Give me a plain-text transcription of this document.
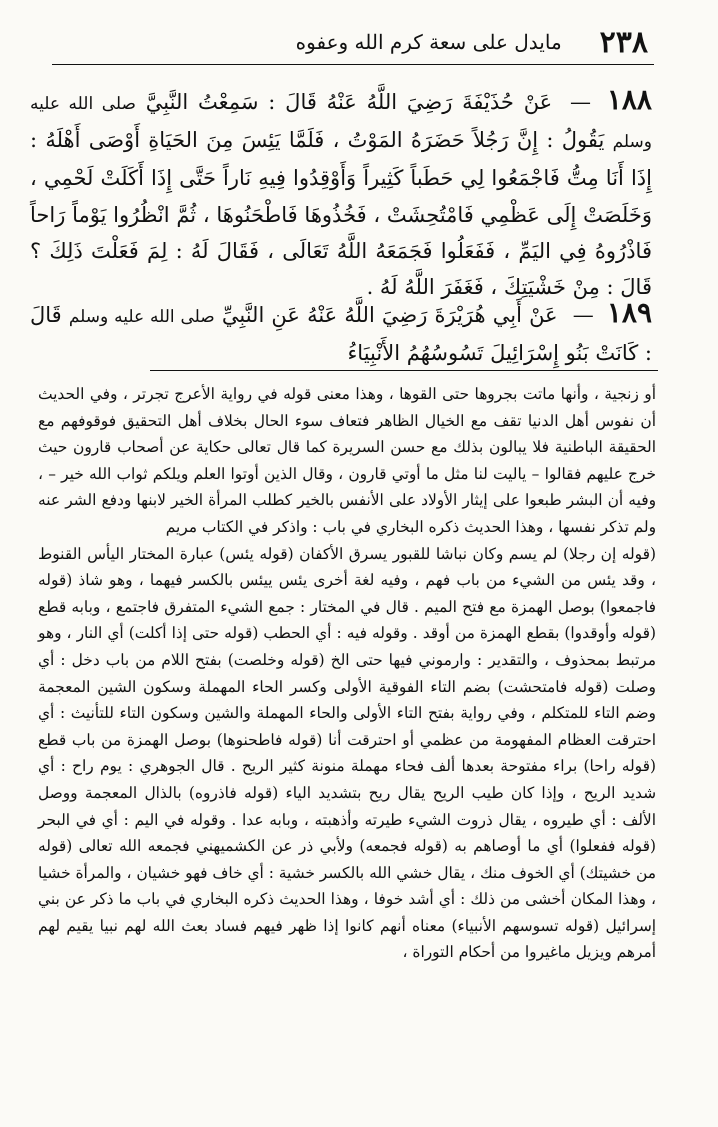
٢٣٨
مايدل على سعة كرم الله وعفوه
١٨٨ — عَنْ حُذَيْفَةَ رَضِيَ اللَّهُ عَنْهُ قَالَ : سَمِعْتُ النَّبِيَّ صلى الله عليه وسلم يَقُولُ : إِنَّ رَجُلاً حَضَرَهُ المَوْتُ ، فَلَمَّا يَئِسَ مِنَ الحَيَاةِ أَوْصَى أَهْلَهُ : إِذَا أَنَا مِتُّ فَاجْمَعُوا لِي حَطَباً كَثِيراً وَأَوْقِدُوا فِيهِ نَاراً حَتَّى إِذَا أَكَلَتْ لَحْمِي ، وَخَلَصَتْ إِلَى عَظْمِي فَامْتُحِشَتْ ، فَخُذُوهَا فَاطْحَنُوهَا ، ثُمَّ انْظُرُوا يَوْماً رَاحاً فَاذْرُوهُ فِي اليَمِّ ، فَفَعَلُوا فَجَمَعَهُ اللَّهُ تَعَالَى ، فَقَالَ لَهُ : لِمَ فَعَلْتَ ذَلِكَ ؟ قَالَ : مِنْ خَشْيَتِكَ ، فَغَفَرَ اللَّهُ لَهُ .
١٨٩ — عَنْ أَبِي هُرَيْرَةَ رَضِيَ اللَّهُ عَنْهُ عَنِ النَّبِيِّ صلى الله عليه وسلم قَالَ : كَانَتْ بَنُو إِسْرَائِيلَ تَسُوسُهُمُ الأَنْبِيَاءُ

أو زنجية ، وأنها ماتت بجروها حتى القوها ، وهذا معنى قوله في رواية الأعرج تجرتر ، وفي الحديث أن نفوس أهل الدنيا تقف مع الخيال الظاهر فتعاف سوء الحال بخلاف أهل التحقيق فوقوفهم مع الحقيقة الباطنية فلا يبالون بذلك مع حسن السريرة كما قال تعالى حكاية عن أصحاب قارون حيث خرج عليهم فقالوا – ياليت لنا مثل ما أوتي قارون ، وقال الذين أوتوا العلم ويلكم ثواب الله خير – ، وفيه أن البشر طبعوا على إيثار الأولاد على الأنفس بالخير كطلب المرأة الخير لابنها ودفع الشر عنه ولم تذكر نفسها ، وهذا الحديث ذكره البخاري في باب : واذكر في الكتاب مريم

(قوله إن رجلا) لم يسم وكان نباشا للقبور يسرق الأكفان (قوله يئس) عبارة المختار اليأس القنوط ، وقد يئس من الشيء من باب فهم ، وفيه لغة أخرى يئس ييئس بالكسر فيهما ، وهو شاذ (قوله فاجمعوا) بوصل الهمزة مع فتح الميم . قال في المختار : جمع الشيء المتفرق فاجتمع ، وبابه قطع (قوله وأوقدوا) بقطع الهمزة من أوقد . وقوله فيه : أي الحطب (قوله حتى إذا أكلت) أي النار ، وهو مرتبط بمحذوف ، والتقدير : وارموني فيها حتى الخ (قوله وخلصت) بفتح اللام من باب دخل : أي وصلت (قوله فامتحشت) بضم التاء الفوقية الأولى وكسر الحاء المهملة وسكون الشين المعجمة وضم التاء للمتكلم ، وفي رواية بفتح التاء الأولى والحاء المهملة والشين وسكون التاء للتأنيث : أي احترقت العظام المفهومة من عظمي أو احترقت أنا (قوله فاطحنوها) بوصل الهمزة من باب قطع (قوله راحا) براء مفتوحة بعدها ألف فحاء مهملة منونة كثير الريح . قال الجوهري : يوم راح : أي شديد الريح ، وإذا كان طيب الريح يقال ريح بتشديد الياء (قوله فاذروه) بالذال المعجمة ووصل الألف : أي طيروه ، يقال ذروت الشيء طيرته وأذهبته ، وبابه عدا . وقوله في اليم : أي في البحر (قوله ففعلوا) أي ما أوصاهم به (قوله فجمعه) ولأبي ذر عن الكشميهني فجمعه الله تعالى (قوله من خشيتك) أي الخوف منك ، يقال خشي الله بالكسر خشية : أي خاف فهو خشيان ، والمرأة خشيا ، وهذا المكان أخشى من ذلك : أي أشد خوفا ، وهذا الحديث ذكره البخاري في باب ما ذكر عن بني إسرائيل (قوله تسوسهم الأنبياء) معناه أنهم كانوا إذا ظهر فيهم فساد بعث الله لهم نبيا يقيم لهم أمرهم ويزيل ماغيروا من أحكام التوراة ،
